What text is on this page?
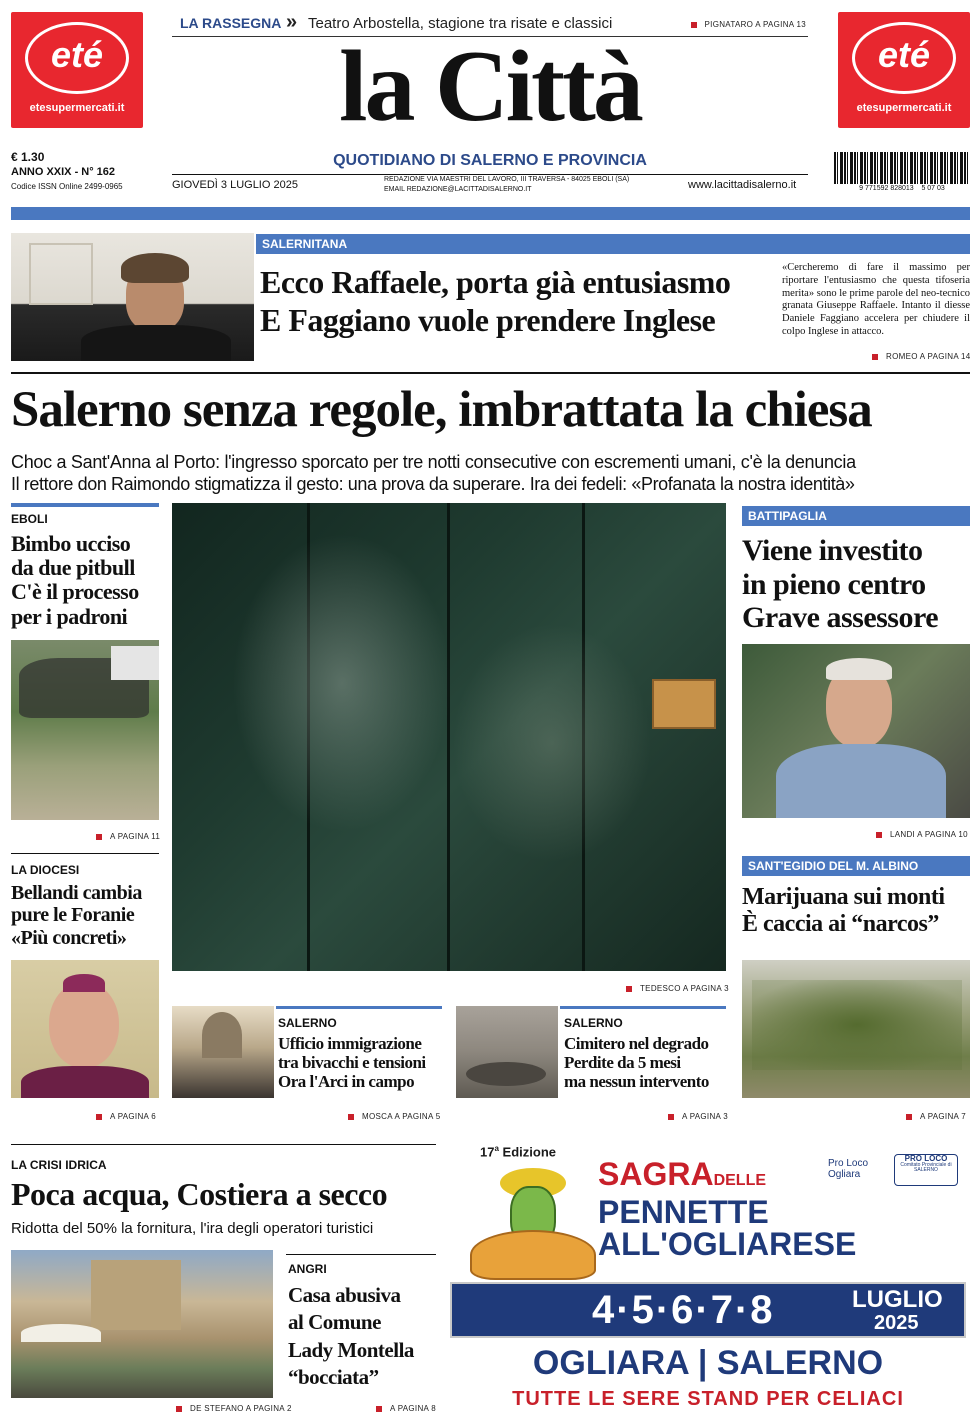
eté
etesupermercati.it
eté
etesupermercati.it
LA RASSEGNA » Teatro Arbostella, stagione tra risate e classici	PIGNATARO A PAGINA 13
la Città
QUOTIDIANO DI SALERNO E PROVINCIA
€ 1.30
ANNO XXIX - N° 162
Codice ISSN Online 2499-0965	GIOVEDÌ 3 LUGLIO 2025	REDAZIONE VIA MAESTRI DEL LAVORO, III TRAVERSA - 84025 EBOLI (SA)
EMAIL REDAZIONE@LACITTADISALERNO.IT	www.lacittadisalerno.it	9 771592 828013    5 07 03
SALERNITANA
Ecco Raffaele, porta già entusiasmo
E Faggiano vuole prendere Inglese
«Cercheremo di fare il massimo per riportare l'entusiasmo che questa tifoseria merita» sono le prime parole del neo-tecnico granata Giuseppe Raffaele. Intanto il diesse Daniele Faggiano accelera per chiudere il colpo Inglese in attacco.
ROMEO A PAGINA 14
Salerno senza regole, imbrattata la chiesa
Choc a Sant'Anna al Porto: l'ingresso sporcato per tre notti consecutive con escrementi umani, c'è la denuncia
Il rettore don Raimondo stigmatizza il gesto: una prova da superare. Ira dei fedeli: «Profanata la nostra identità»
TEDESCO A PAGINA 3
EBOLI
Bimbo ucciso
da due pitbull
C'è il processo
per i padroni
A PAGINA 11
LA DIOCESI
Bellandi cambia
pure le Foranie
«Più concreti»
A PAGINA 6
BATTIPAGLIA
Viene investito
in pieno centro
Grave assessore
LANDI A PAGINA 10
SANT'EGIDIO DEL M. ALBINO
Marijuana sui monti
È caccia ai “narcos”
A PAGINA 7
SALERNO
Ufficio immigrazione
tra bivacchi e tensioni
Ora l'Arci in campo
MOSCA A PAGINA 5
SALERNO
Cimitero nel degrado
Perdite da 5 mesi
ma nessun intervento
A PAGINA 3
LA CRISI IDRICA
Poca acqua, Costiera a secco
Ridotta del 50% la fornitura, l'ira degli operatori turistici
DE STEFANO A PAGINA 2
ANGRI
Casa abusiva
al Comune
Lady Montella
“bocciata”
A PAGINA 8
17$^a$ Edizione
SAGRADELLE
PENNETTE
ALL'OGLIARESE
Pro Loco Ogliara
PRO LOCO
Comitato Provinciale di SALERNO
4·5·6·7·8	LUGLIO
2025
OGLIARA | SALERNO
TUTTE LE SERE STAND PER CELIACI
